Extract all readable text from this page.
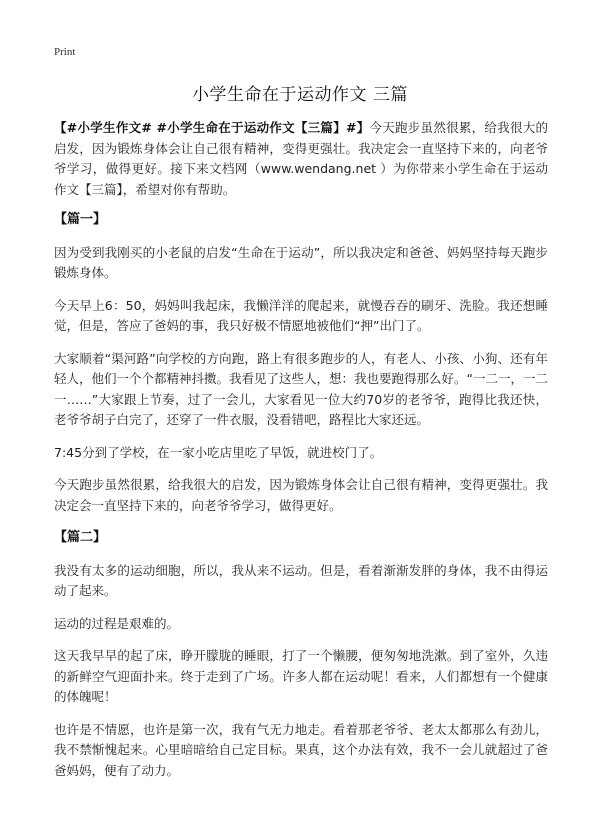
Print
小学生命在于运动作文 三篇

【#小学生作文# #小学生命在于运动作文【三篇】#】今天跑步虽然很累，给我很大的启发，因为锻炼身体会让自己很有精神，变得更强壮。我决定会一直坚持下来的，向老爷爷学习，做得更好。接下来文档网（www.wendang.net ）为你带来小学生命在于运动作文【三篇】，希望对你有帮助。

【篇一】

因为受到我刚买的小老鼠的启发“生命在于运动”，所以我决定和爸爸、妈妈坚持每天跑步锻炼身体。

今天早上6：50，妈妈叫我起床，我懒洋洋的爬起来，就慢吞吞的刷牙、洗脸。我还想睡觉，但是，答应了爸妈的事，我只好极不情愿地被他们“押”出门了。

大家顺着“渠河路”向学校的方向跑，路上有很多跑步的人，有老人、小孩、小狗、还有年轻人，他们一个个都精神抖擞。我看见了这些人，想：我也要跑得那么好。“一二一，一二一……”大家跟上节奏，过了一会儿，大家看见一位大约70岁的老爷爷，跑得比我还快，老爷爷胡子白完了，还穿了一件衣服，没看错吧，路程比大家还远。

7:45分到了学校，在一家小吃店里吃了早饭，就进校门了。

今天跑步虽然很累，给我很大的启发，因为锻炼身体会让自己很有精神，变得更强壮。我决定会一直坚持下来的，向老爷爷学习，做得更好。

【篇二】

我没有太多的运动细胞，所以，我从来不运动。但是，看着渐渐发胖的身体，我不由得运动了起来。

运动的过程是艰难的。

这天我早早的起了床，睁开朦胧的睡眼，打了一个懒腰，便匆匆地洗漱。到了室外，久违的新鲜空气迎面扑来。终于走到了广场。许多人都在运动呢！看来，人们都想有一个健康的体魄呢！

也许是不情愿，也许是第一次，我有气无力地走。看着那老爷爷、老太太都那么有劲儿，我不禁惭愧起来。心里暗暗给自己定目标。果真，这个办法有效，我不一会儿就超过了爸爸妈妈，便有了动力。
